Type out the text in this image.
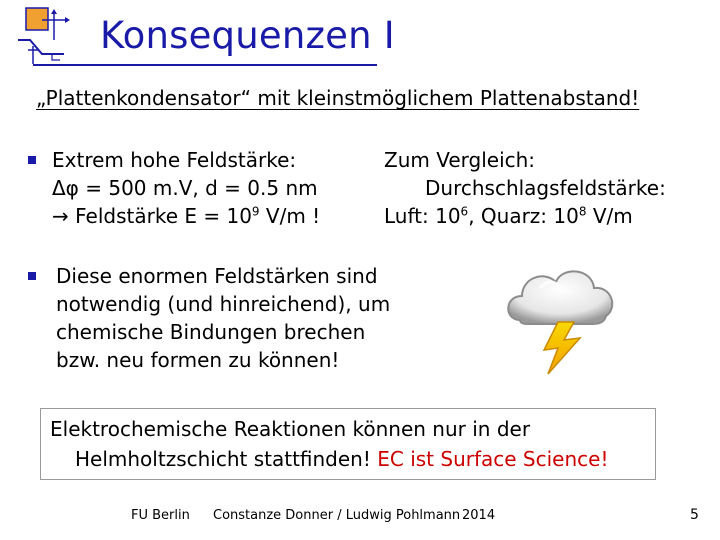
Konsequenzen I
„Plattenkondensator“ mit kleinstmöglichem Plattenabstand!
Extrem hohe Feldstärke:
Δφ = 500 m.V, d = 0.5 nm
→ Feldstärke $E = 10^9$ V/m !
Zum Vergleich:
Durchschlagsfeldstärke:
Luft: $10^6$, Quarz: $10^8$ V/m
Diese enormen Feldstärken sind
notwendig (und hinreichend), um
chemische Bindungen brechen
bzw. neu formen zu können!
Elektrochemische Reaktionen können nur in der
Helmholtzschicht stattfinden! EC ist Surface Science!
FU Berlin Constanze Donner / Ludwig Pohlmann 2014	5
